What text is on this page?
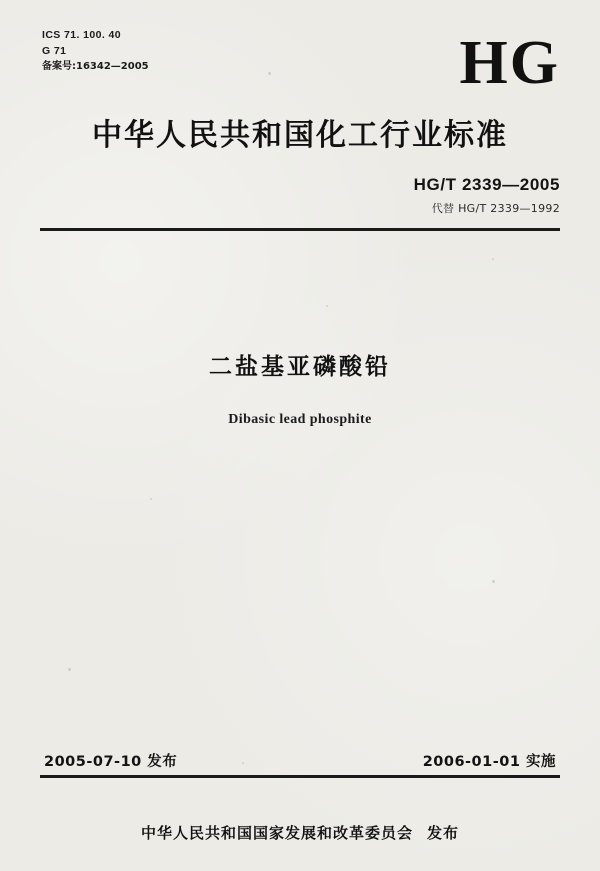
ICS 71. 100. 40
G 71
备案号:16342—2005	HG
中华人民共和国化工行业标准
HG/T 2339—2005
代替 HG/T 2339—1992
二盐基亚磷酸铅
Dibasic lead phosphite
2005-07-10 发布	2006-01-01 实施
中华人民共和国国家发展和改革委员会 发布
